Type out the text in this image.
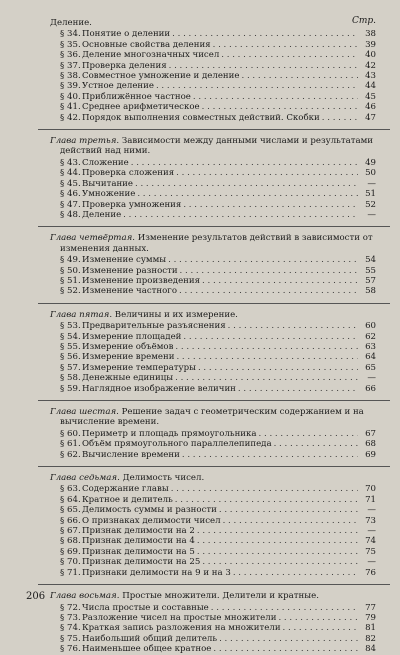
Стр.
Деление.
§ 34. Понятие о делении . . .	38
§ 35. Основные свойства деления . . .	39
§ 36. Деление многозначных чисел . . .	40
§ 37. Проверка деления . . .	42
§ 38. Совместное умножение и деление . . .	43
§ 39. Устное деление . . .	44
§ 40. Приближённое частное . . .	45
§ 41. Среднее арифметическое . . .	46
§ 42. Порядок выполнения совместных действий. Скобки . . .	47
Глава третья. Зависимости между данными числами и результатами действий над ними.
§ 43. Сложение . . .	49
§ 44. Проверка сложения . . .	50
§ 45. Вычитание . . .	—
§ 46. Умножение . . .	51
§ 47. Проверка умножения . . .	52
§ 48. Деление . . .	—
Глава четвёртая. Изменение результатов действий в зависимости от изменения данных.
§ 49. Изменение суммы . . .	54
§ 50. Изменение разности . . .	55
§ 51. Изменение произведения . . .	57
§ 52. Изменение частного . . .	58
Глава пятая. Величины и их измерение.
§ 53. Предварительные разъяснения . . .	60
§ 54. Измерение площадей . . .	62
§ 55. Измерение объёмов . . .	63
§ 56. Измерение времени . . .	64
§ 57. Измерение температуры . . .	65
§ 58. Денежные единицы . . .	—
§ 59. Наглядное изображение величин . . .	66
Глава шестая. Решение задач с геометрическим содержанием и на вычисление времени.
§ 60. Периметр и площадь прямоугольника . . .	67
§ 61. Объём прямоугольного параллелепипеда . . .	68
§ 62. Вычисление времени . . .	69
Глава седьмая. Делимость чисел.
§ 63. Содержание главы . . .	70
§ 64. Кратное и делитель . . .	71
§ 65. Делимость суммы и разности . . .	—
§ 66. О признаках делимости чисел . . .	73
§ 67. Признак делимости на 2 . . .	—
§ 68. Признак делимости на 4 . . .	74
§ 69. Признак делимости на 5 . . .	75
§ 70. Признак делимости на 25 . . .	—
§ 71. Признаки делимости на 9 и на 3 . . .	76
Глава восьмая. Простые множители. Делители и кратные.
§ 72. Числа простые и составные . . .	77
§ 73. Разложение чисел на простые множители . . .	79
§ 74. Краткая запись разложения на множители . . .	81
§ 75. Наибольший общий делитель . . .	82
§ 76. Наименьшее общее кратное . . .	84
206
